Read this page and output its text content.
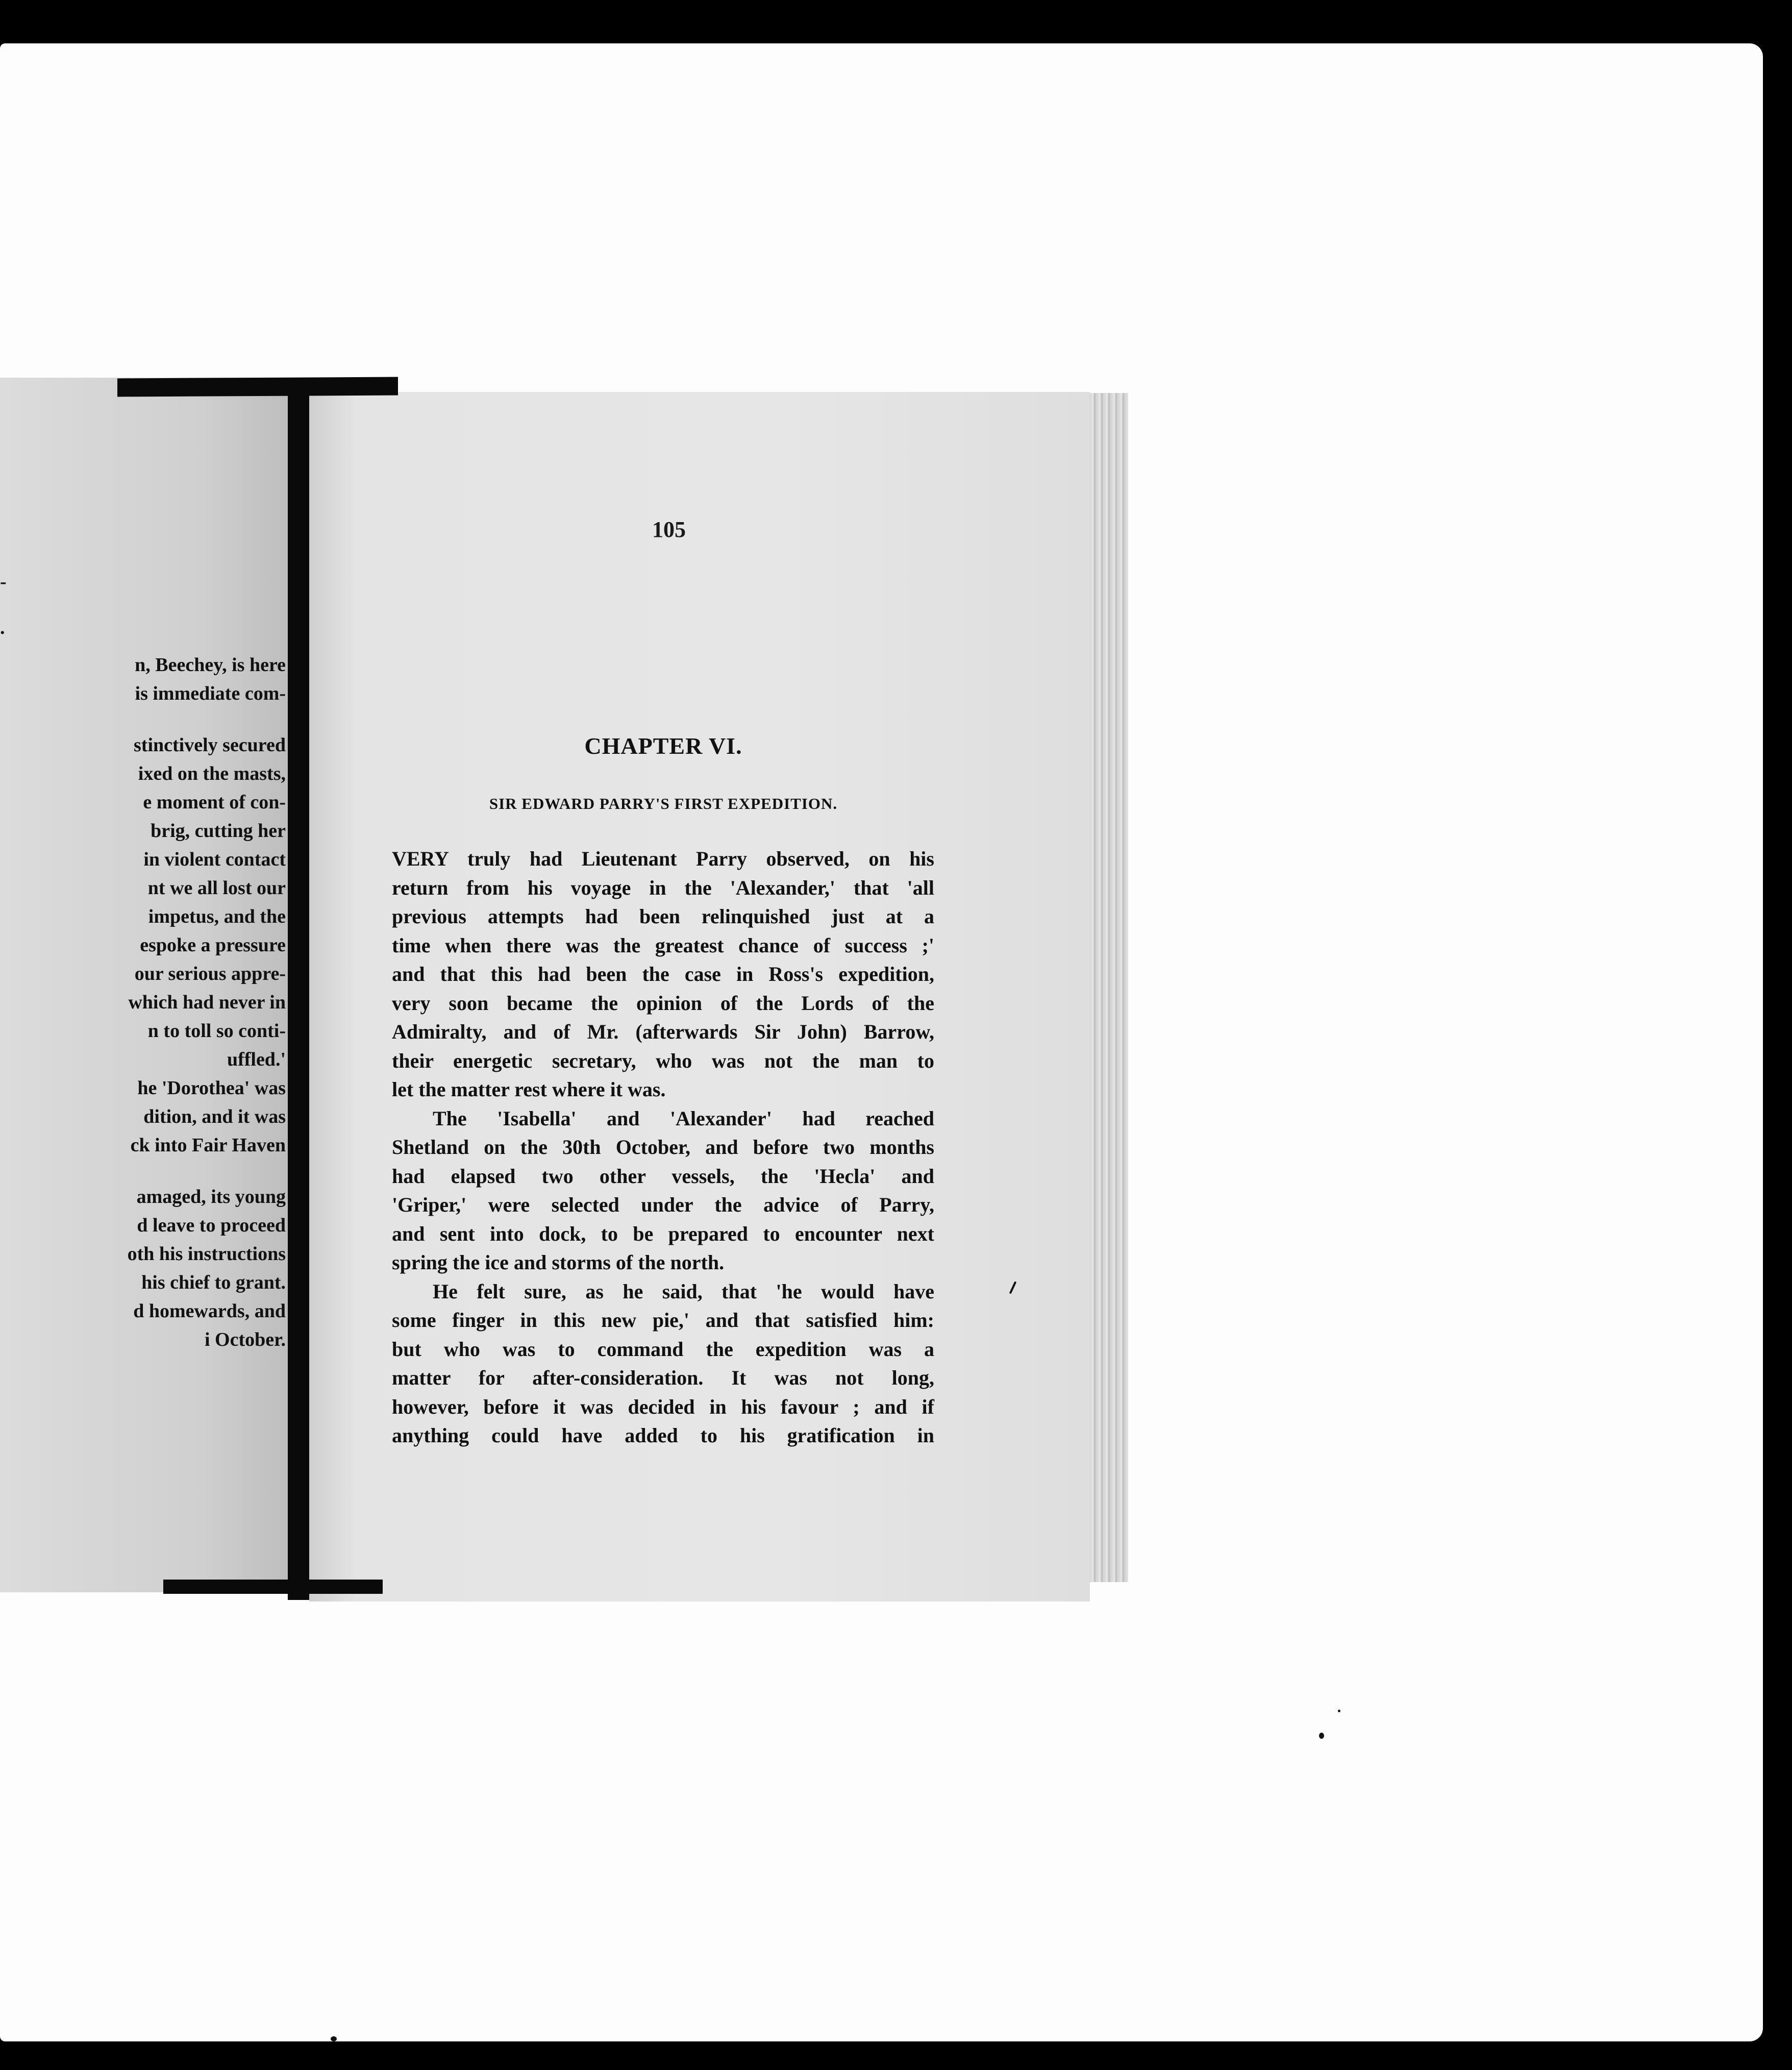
-
.
n, Beechey, is here
is immediate com-
stinctively secured
ixed on the masts,
e moment of con-
brig, cutting her
in violent contact
nt we all lost our
impetus, and the
espoke a pressure
our serious appre-
which had never in
n to toll so conti-
uffled.'
he 'Dorothea' was
dition, and it was
ck into Fair Haven
amaged, its young
d leave to proceed
oth his instructions
his chief to grant.
d homewards, and
i October.
105
CHAPTER VI.
SIR EDWARD PARRY'S FIRST EXPEDITION.
VERY truly had Lieutenant Parry observed, on his
return from his voyage in the 'Alexander,' that 'all
previous attempts had been relinquished just at a
time when there was the greatest chance of success ;'
and that this had been the case in Ross's expedition,
very soon became the opinion of the Lords of the
Admiralty, and of Mr. (afterwards Sir John) Barrow,
their energetic secretary, who was not the man to
let the matter rest where it was.
The 'Isabella' and 'Alexander' had reached
Shetland on the 30th October, and before two months
had elapsed two other vessels, the 'Hecla' and
'Griper,' were selected under the advice of Parry,
and sent into dock, to be prepared to encounter next
spring the ice and storms of the north.
He felt sure, as he said, that 'he would have
some finger in this new pie,' and that satisfied him:
but who was to command the expedition was a
matter for after-consideration. It was not long,
however, before it was decided in his favour ; and if
anything could have added to his gratification in
